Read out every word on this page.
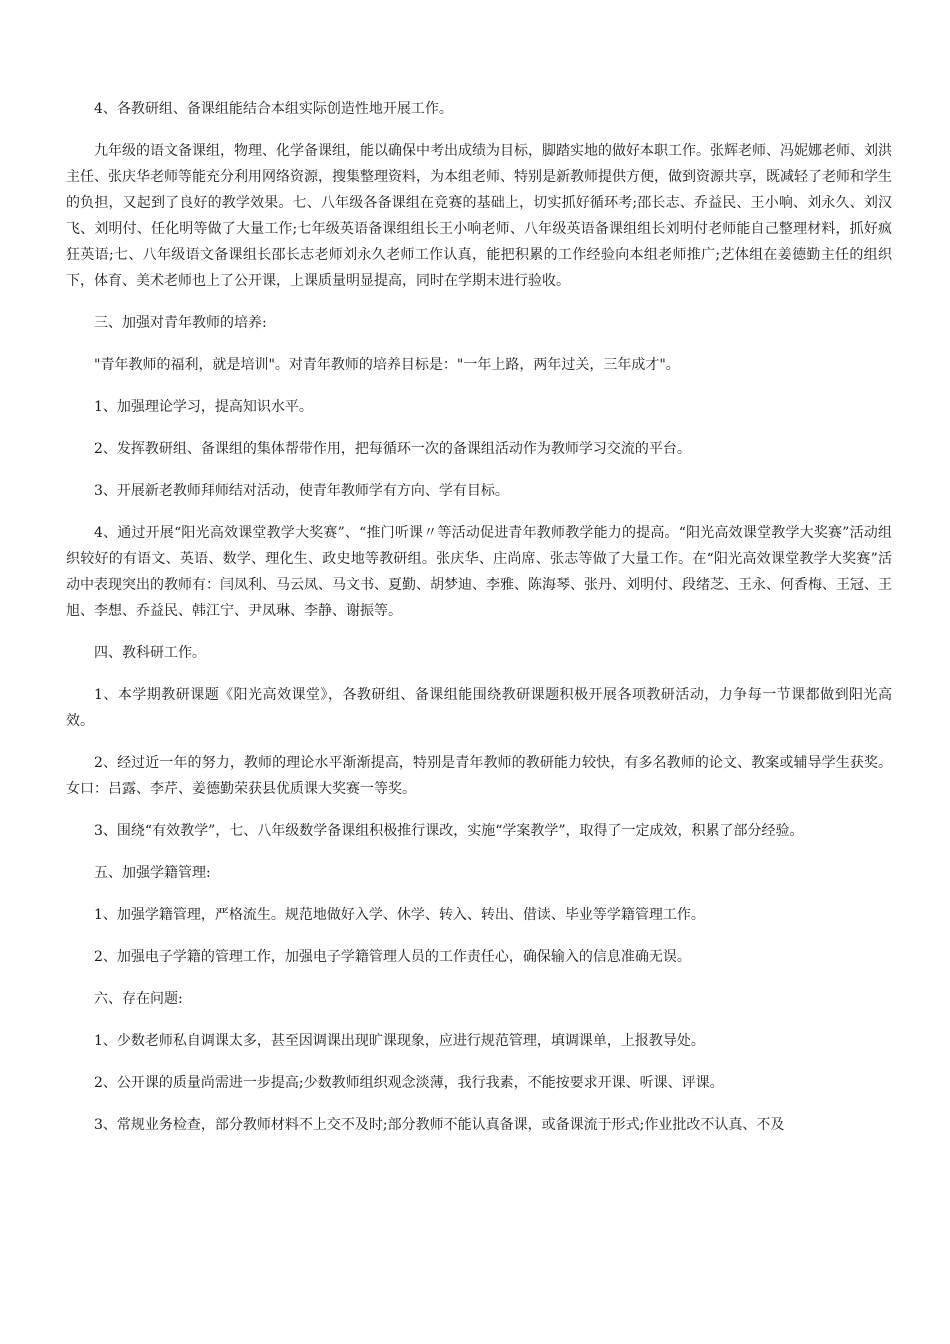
4、各教研组、备课组能结合本组实际创造性地开展工作。

九年级的语文备课组，物理、化学备课组，能以确保中考出成绩为目标，脚踏实地的做好本职工作。张辉老师、冯妮娜老师、刘洪主任、张庆华老师等能充分利用网络资源，搜集整理资料，为本组老师、特别是新教师提供方便，做到资源共享，既减轻了老师和学生的负担，又起到了良好的教学效果。七、八年级各备课组在竞赛的基础上，切实抓好循环考;邵长志、乔益民、王小响、刘永久、刘汉飞、刘明付、任化明等做了大量工作;七年级英语备课组组长王小响老师、八年级英语备课组组长刘明付老师能自己整理材料，抓好疯狂英语;七、八年级语文备课组长邵长志老师刘永久老师工作认真，能把积累的工作经验向本组老师推广;艺体组在姜德勤主任的组织下，体育、美术老师也上了公开课，上课质量明显提高，同时在学期末进行验收。

三、加强对青年教师的培养:

"青年教师的福利，就是培训"。对青年教师的培养目标是："一年上路，两年过关，三年成才"。

1、加强理论学习，提高知识水平。

2、发挥教研组、备课组的集体帮带作用，把每循环一次的备课组活动作为教师学习交流的平台。

3、开展新老教师拜师结对活动，使青年教师学有方向、学有目标。

4、通过开展“阳光高效课堂教学大奖赛”、“推门听课〃等活动促进青年教师教学能力的提高。“阳光高效课堂教学大奖赛”活动组织较好的有语文、英语、数学、理化生、政史地等教研组。张庆华、庄尚席、张志等做了大量工作。在“阳光高效课堂教学大奖赛”活动中表现突出的教师有：闫凤利、马云凤、马文书、夏勤、胡梦迪、李雅、陈海琴、张丹、刘明付、段绪芝、王永、何香梅、王冠、王旭、李想、乔益民、韩江宁、尹凤琳、李静、谢振等。

四、教科研工作。

1、本学期教研课题《阳光高效课堂》，各教研组、备课组能围绕教研课题积极开展各项教研活动，力争每一节课都做到阳光高效。

2、经过近一年的努力，教师的理论水平渐渐提高，特别是青年教师的教研能力较快，有多名教师的论文、教案或辅导学生获奖。女口：吕露、李芹、姜德勤荣获县优质课大奖赛一等奖。

3、围绕“有效教学”，七、八年级数学备课组积极推行课改，实施“学案教学”，取得了一定成效，积累了部分经验。

五、加强学籍管理:

1、加强学籍管理，严格流生。规范地做好入学、休学、转入、转出、借读、毕业等学籍管理工作。

2、加强电子学籍的管理工作，加强电子学籍管理人员的工作责任心，确保输入的信息准确无误。

六、存在问题:

1、少数老师私自调课太多，甚至因调课出现旷课现象，应进行规范管理，填调课单，上报教导处。

2、公开课的质量尚需进一步提高;少数教师组织观念淡薄，我行我素，不能按要求开课、听课、评课。

3、常规业务检查，部分教师材料不上交不及时;部分教师不能认真备课，或备课流于形式;作业批改不认真、不及
